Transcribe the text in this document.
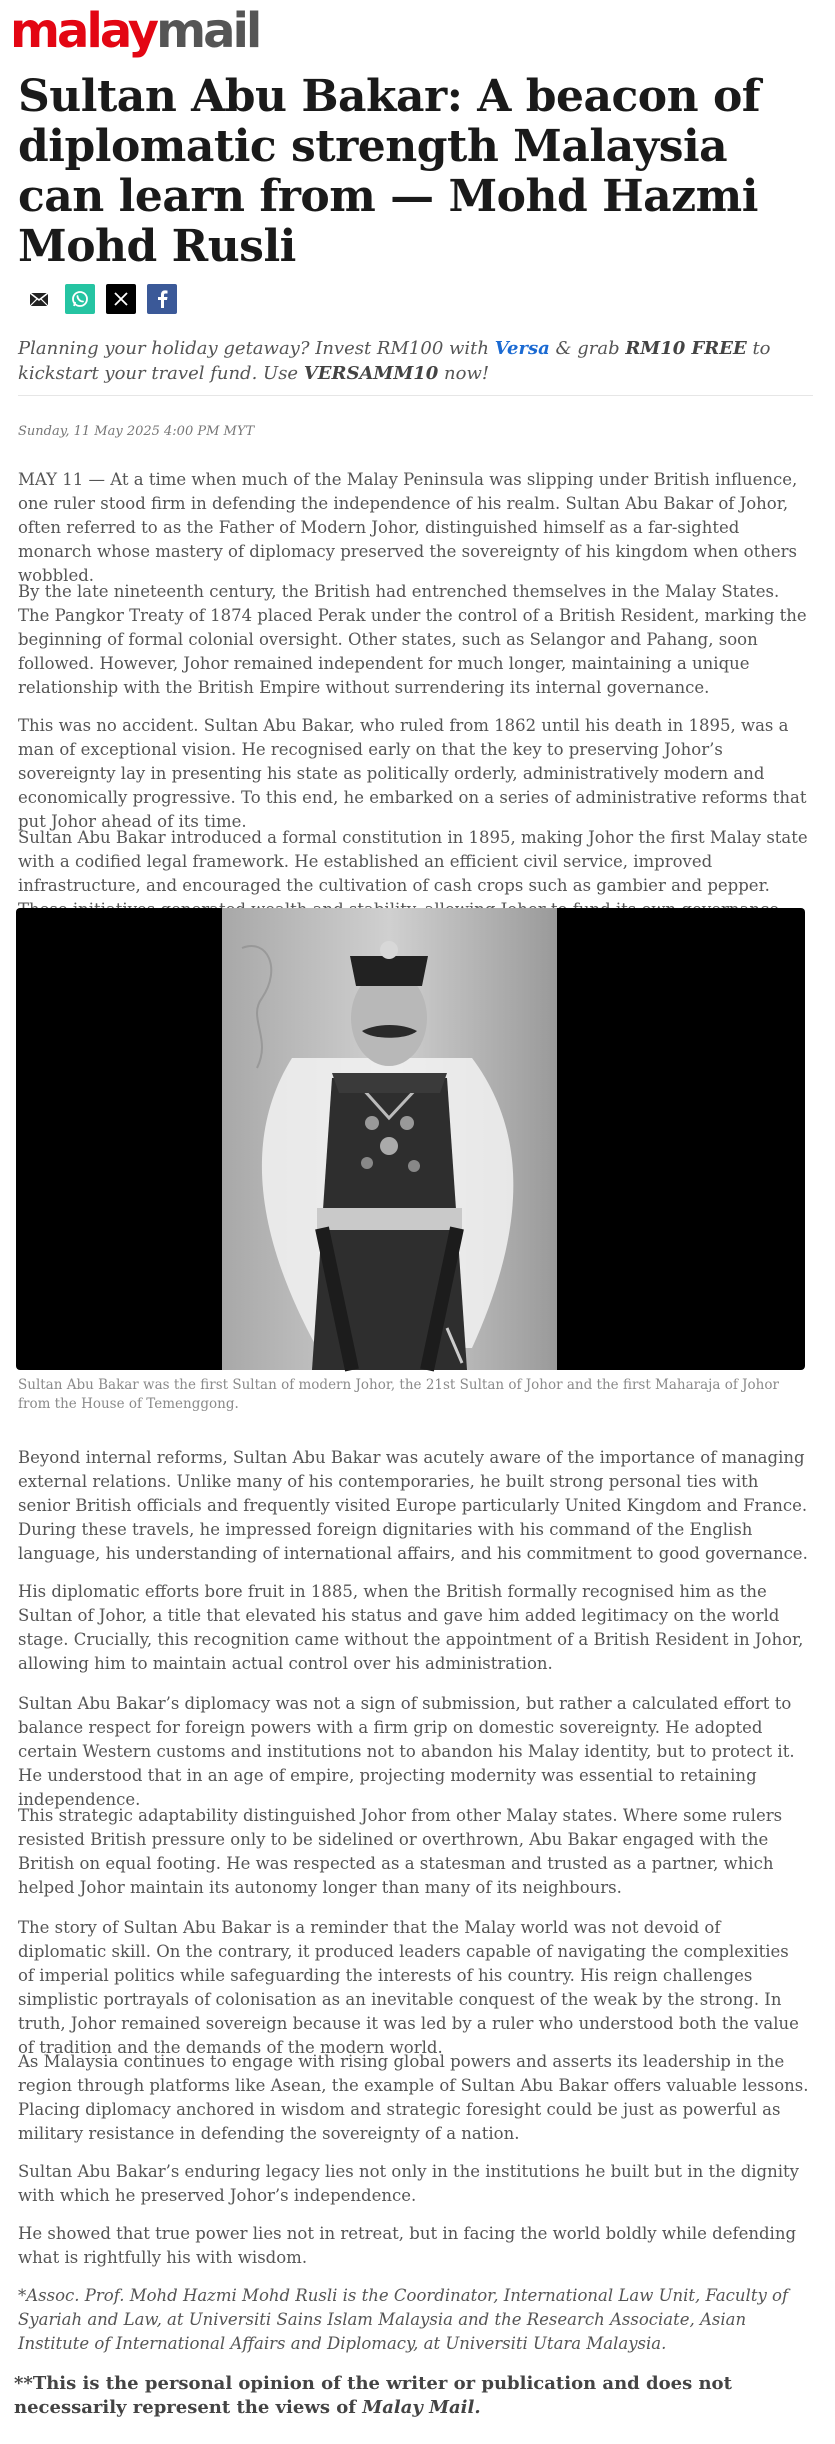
malaymail
Sultan Abu Bakar: A beacon of diplomatic strength Malaysia can learn from — Mohd Hazmi Mohd Rusli
Planning your holiday getaway? Invest RM100 with Versa & grab RM10 FREE to kickstart your travel fund. Use VERSAMM10 now!
Sunday, 11 May 2025 4:00 PM MYT

MAY 11 — At a time when much of the Malay Peninsula was slipping under British influence, one ruler stood firm in defending the independence of his realm. Sultan Abu Bakar of Johor, often referred to as the Father of Modern Johor, distinguished himself as a far-sighted monarch whose mastery of diplomacy preserved the sovereignty of his kingdom when others wobbled.

By the late nineteenth century, the British had entrenched themselves in the Malay States. The Pangkor Treaty of 1874 placed Perak under the control of a British Resident, marking the beginning of formal colonial oversight. Other states, such as Selangor and Pahang, soon followed. However, Johor remained independent for much longer, maintaining a unique relationship with the British Empire without surrendering its internal governance.

This was no accident. Sultan Abu Bakar, who ruled from 1862 until his death in 1895, was a man of exceptional vision. He recognised early on that the key to preserving Johor’s sovereignty lay in presenting his state as politically orderly, administratively modern and economically progressive. To this end, he embarked on a series of administrative reforms that put Johor ahead of its time.

Sultan Abu Bakar introduced a formal constitution in 1895, making Johor the first Malay state with a codified legal framework. He established an efficient civil service, improved infrastructure, and encouraged the cultivation of cash crops such as gambier and pepper.

Sultan Abu Bakar was the first Sultan of modern Johor, the 21st Sultan of Johor and the first Maharaja of Johor from the House of Temenggong.

Beyond internal reforms, Sultan Abu Bakar was acutely aware of the importance of managing external relations. Unlike many of his contemporaries, he built strong personal ties with senior British officials and frequently visited Europe particularly United Kingdom and France. During these travels, he impressed foreign dignitaries with his command of the English language, his understanding of international affairs, and his commitment to good governance.

His diplomatic efforts bore fruit in 1885, when the British formally recognised him as the Sultan of Johor, a title that elevated his status and gave him added legitimacy on the world stage. Crucially, this recognition came without the appointment of a British Resident in Johor, allowing him to maintain actual control over his administration.

Sultan Abu Bakar’s diplomacy was not a sign of submission, but rather a calculated effort to balance respect for foreign powers with a firm grip on domestic sovereignty. He adopted certain Western customs and institutions not to abandon his Malay identity, but to protect it. He understood that in an age of empire, projecting modernity was essential to retaining independence.

This strategic adaptability distinguished Johor from other Malay states. Where some rulers resisted British pressure only to be sidelined or overthrown, Abu Bakar engaged with the British on equal footing. He was respected as a statesman and trusted as a partner, which helped Johor maintain its autonomy longer than many of its neighbours.

The story of Sultan Abu Bakar is a reminder that the Malay world was not devoid of diplomatic skill. On the contrary, it produced leaders capable of navigating the complexities of imperial politics while safeguarding the interests of his country. His reign challenges simplistic portrayals of colonisation as an inevitable conquest of the weak by the strong. In truth, Johor remained sovereign because it was led by a ruler who understood both the value of tradition and the demands of the modern world.

As Malaysia continues to engage with rising global powers and asserts its leadership in the region through platforms like Asean, the example of Sultan Abu Bakar offers valuable lessons. Placing diplomacy anchored in wisdom and strategic foresight could be just as powerful as military resistance in defending the sovereignty of a nation.

Sultan Abu Bakar’s enduring legacy lies not only in the institutions he built but in the dignity with which he preserved Johor’s independence.

He showed that true power lies not in retreat, but in facing the world boldly while defending what is rightfully his with wisdom.

*Assoc. Prof. Mohd Hazmi Mohd Rusli is the Coordinator, International Law Unit, Faculty of Syariah and Law, at Universiti Sains Islam Malaysia and the Research Associate, Asian Institute of International Affairs and Diplomacy, at Universiti Utara Malaysia.
**This is the personal opinion of the writer or publication and does not necessarily represent the views of Malay Mail.
